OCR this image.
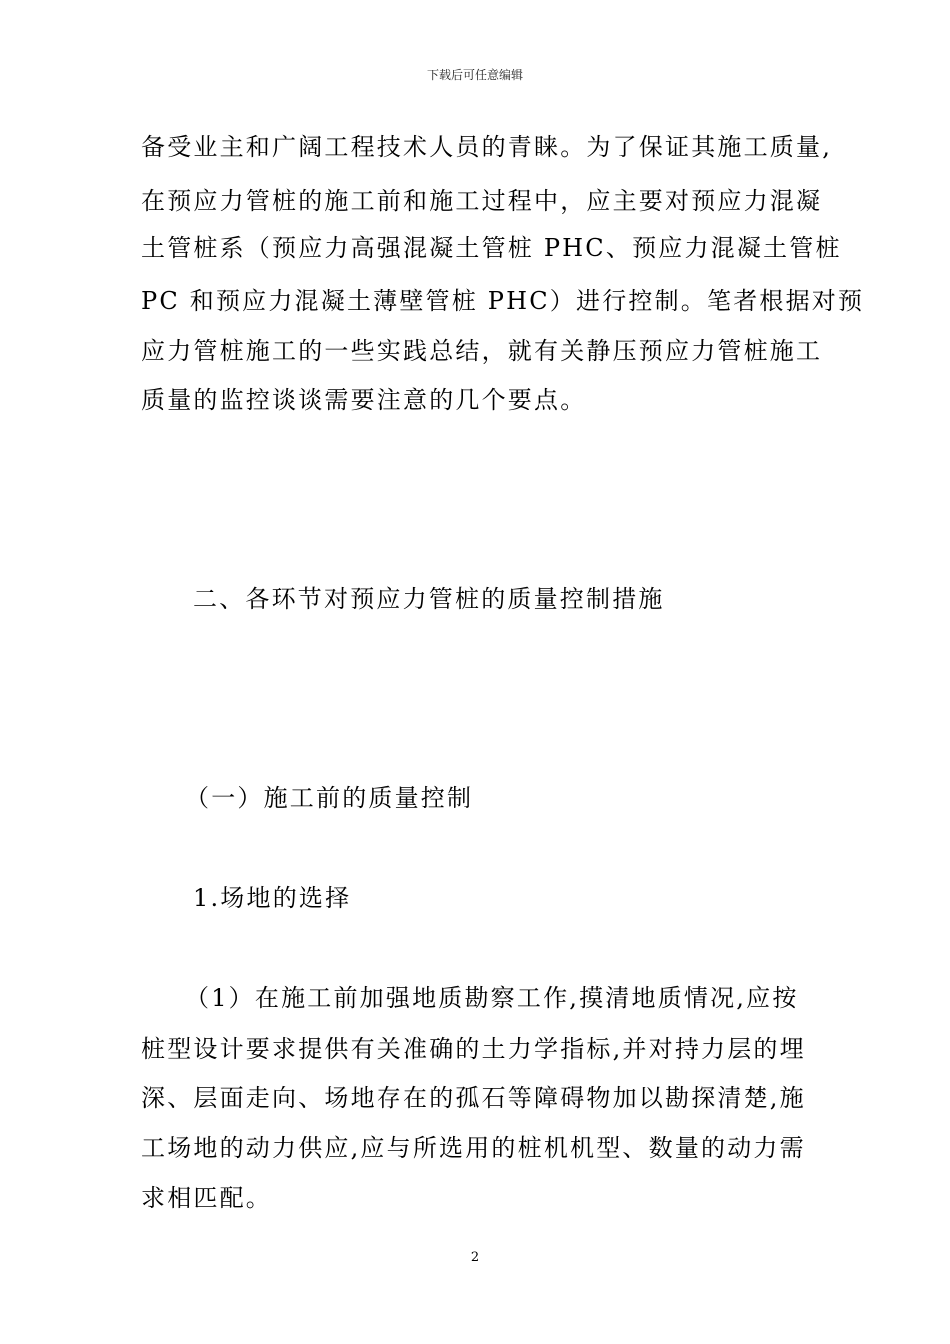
下载后可任意编辑
备受业主和广阔工程技术人员的青睐。为了保证其施工质量,
在预应力管桩的施工前和施工过程中，应主要对预应力混凝
土管桩系（预应力高强混凝土管桩 PHC、预应力混凝土管桩
PC 和预应力混凝土薄壁管桩 PHC）进行控制。笔者根据对预
应力管桩施工的一些实践总结，就有关静压预应力管桩施工
质量的监控谈谈需要注意的几个要点。
二、各环节对预应力管桩的质量控制措施
（一）施工前的质量控制
1.场地的选择
（1）在施工前加强地质勘察工作,摸清地质情况,应按
桩型设计要求提供有关准确的土力学指标,并对持力层的埋
深、层面走向、场地存在的孤石等障碍物加以勘探清楚,施
工场地的动力供应,应与所选用的桩机机型、数量的动力需
求相匹配。
2
